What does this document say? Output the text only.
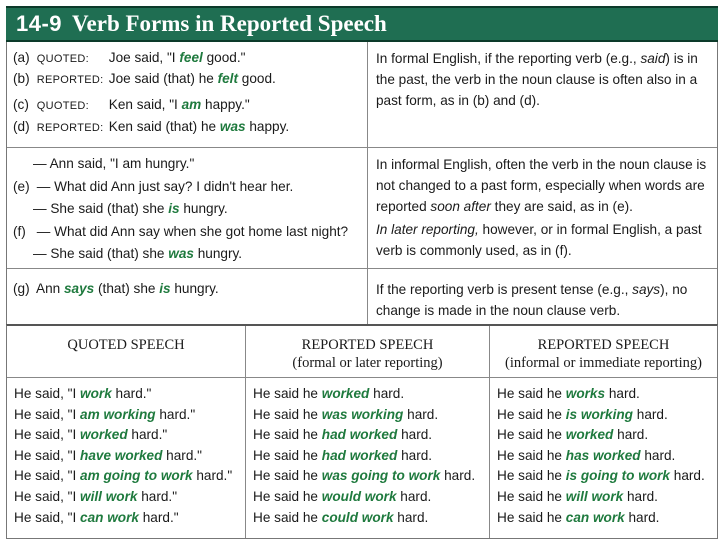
14-9 Verb Forms in Reported Speech
(a) QUOTED: Joe said, "I feel good."
(b) REPORTED: Joe said (that) he felt good.
(c) QUOTED: Ken said, "I am happy."
(d) REPORTED: Ken said (that) he was happy.
In formal English, if the reporting verb (e.g., said) is in the past, the verb in the noun clause is often also in a past form, as in (b) and (d).
— Ann said, "I am hungry."
(e) — What did Ann just say? I didn't hear her.
— She said (that) she is hungry.
(f) — What did Ann say when she got home last night?
— She said (that) she was hungry.
In informal English, often the verb in the noun clause is not changed to a past form, especially when words are reported soon after they are said, as in (e).
In later reporting, however, or in formal English, a past verb is commonly used, as in (f).
(g) Ann says (that) she is hungry.	If the reporting verb is present tense (e.g., says), no change is made in the noun clause verb.
QUOTED SPEECH
He said, "I work hard."
He said, "I am working hard."
He said, "I worked hard."
He said, "I have worked hard."
He said, "I am going to work hard."
He said, "I will work hard."
He said, "I can work hard."
REPORTED SPEECH
(formal or later reporting)
He said he worked hard.
He said he was working hard.
He said he had worked hard.
He said he had worked hard.
He said he was going to work hard.
He said he would work hard.
He said he could work hard.
REPORTED SPEECH
(informal or immediate reporting)
He said he works hard.
He said he is working hard.
He said he worked hard.
He said he has worked hard.
He said he is going to work hard.
He said he will work hard.
He said he can work hard.
